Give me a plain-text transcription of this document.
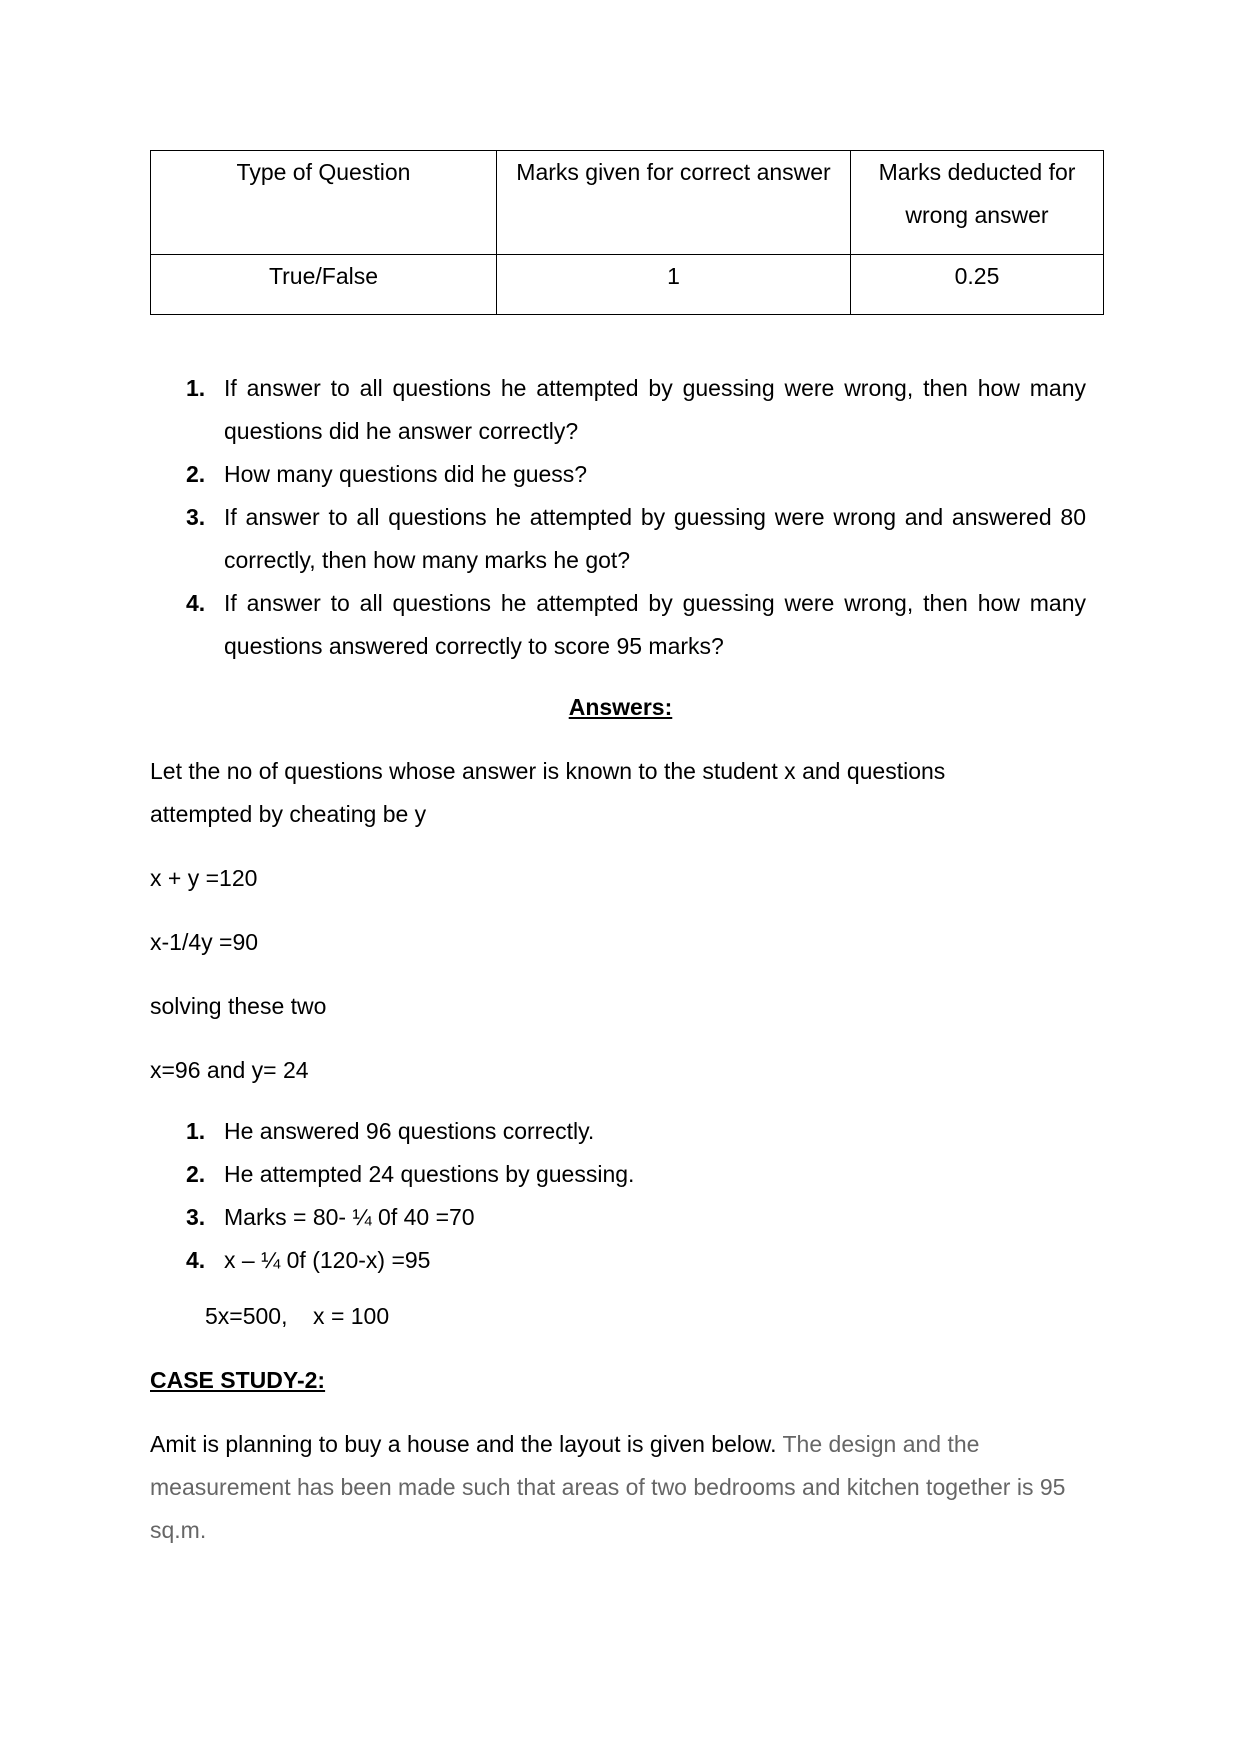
Type of Question	Marks given for correct answer	Marks deducted for wrong answer
True/False	1	0.25
1. If answer to all questions he attempted by guessing were wrong, then how many questions did he answer correctly?
2. How many questions did he guess?
3. If answer to all questions he attempted by guessing were wrong and answered 80 correctly, then how many marks he got?
4. If answer to all questions he attempted by guessing were wrong, then how many questions answered correctly to score 95 marks?
Answers:
Let the no of questions whose answer is known to the student x and questions
attempted by cheating be y
x + y =120
x-1/4y =90
solving these two
x=96 and y= 24
1. He answered 96 questions correctly.
2. He attempted 24 questions by guessing.
3. Marks = 80- ¼ 0f 40 =70
4. x – ¼ 0f (120-x) =95
5x=500,    x = 100
CASE STUDY-2:
Amit is planning to buy a house and the layout is given below. The design and the measurement has been made such that areas of two bedrooms and kitchen together is 95 sq.m.
